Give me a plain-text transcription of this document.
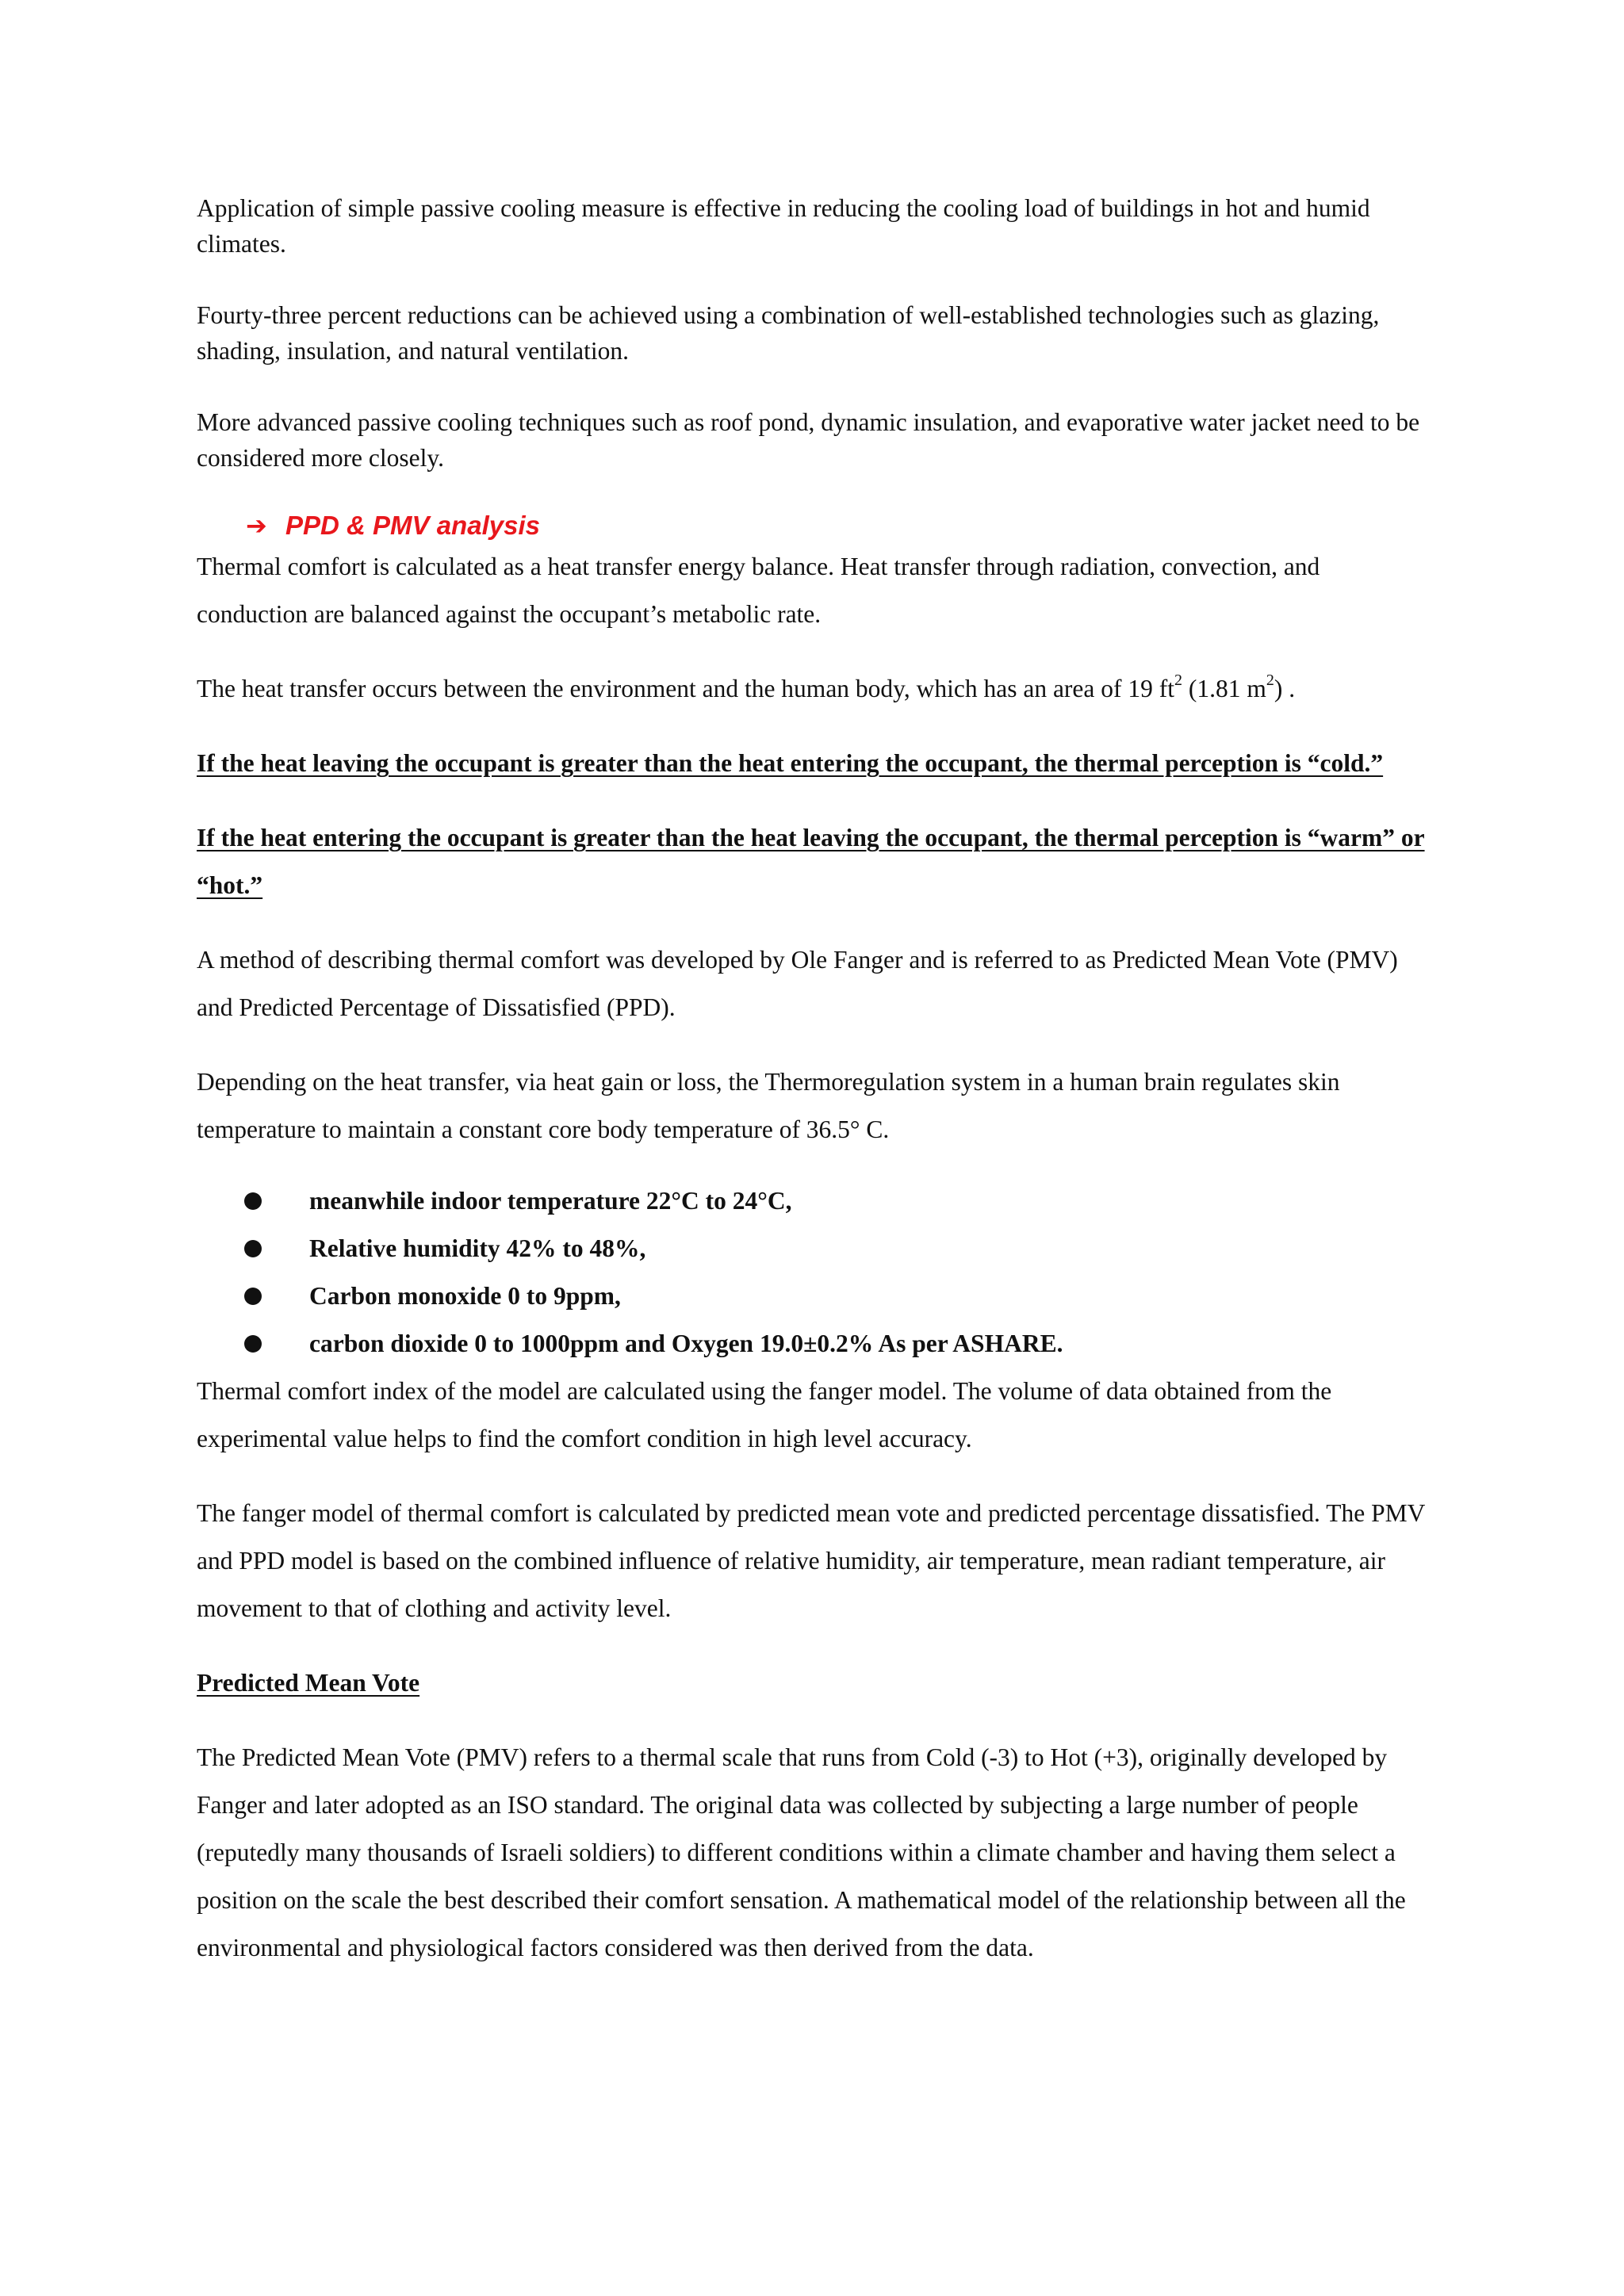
Application of simple passive cooling measure is effective in reducing the cooling load of buildings in hot and humid climates.

Fourty-three percent reductions can be achieved using a combination of well-established technologies such as glazing, shading, insulation, and natural ventilation.

More advanced passive cooling techniques such as roof pond, dynamic insulation, and evaporative water jacket need to be considered more closely.

➔ PPD & PMV analysis

Thermal comfort is calculated as a heat transfer energy balance. Heat transfer through radiation, convection, and conduction are balanced against the occupant’s metabolic rate.

The heat transfer occurs between the environment and the human body, which has an area of 19 $ft^2$ (1.81 $m^2$) .

If the heat leaving the occupant is greater than the heat entering the occupant, the thermal perception is “cold.”

If the heat entering the occupant is greater than the heat leaving the occupant, the thermal perception is “warm” or “hot.”

A method of describing thermal comfort was developed by Ole Fanger and is referred to as Predicted Mean Vote (PMV) and Predicted Percentage of Dissatisfied (PPD).

Depending on the heat transfer, via heat gain or loss, the Thermoregulation system in a human brain regulates skin temperature to maintain a constant core body temperature of 36.5° C.

meanwhile indoor temperature 22°C to 24°C,
Relative humidity 42% to 48%,
Carbon monoxide 0 to 9ppm,
carbon dioxide 0 to 1000ppm and Oxygen 19.0±0.2% As per ASHARE.

Thermal comfort index of the model are calculated using the fanger model. The volume of data obtained from the experimental value helps to find the comfort condition in high level accuracy.

The fanger model of thermal comfort is calculated by predicted mean vote and predicted percentage dissatisfied. The PMV and PPD model is based on the combined influence of relative humidity, air temperature, mean radiant temperature, air movement to that of clothing and activity level.

Predicted Mean Vote

The Predicted Mean Vote (PMV) refers to a thermal scale that runs from Cold (-3) to Hot (+3), originally developed by Fanger and later adopted as an ISO standard. The original data was collected by subjecting a large number of people (reputedly many thousands of Israeli soldiers) to different conditions within a climate chamber and having them select a position on the scale the best described their comfort sensation. A mathematical model of the relationship between all the environmental and physiological factors considered was then derived from the data.
